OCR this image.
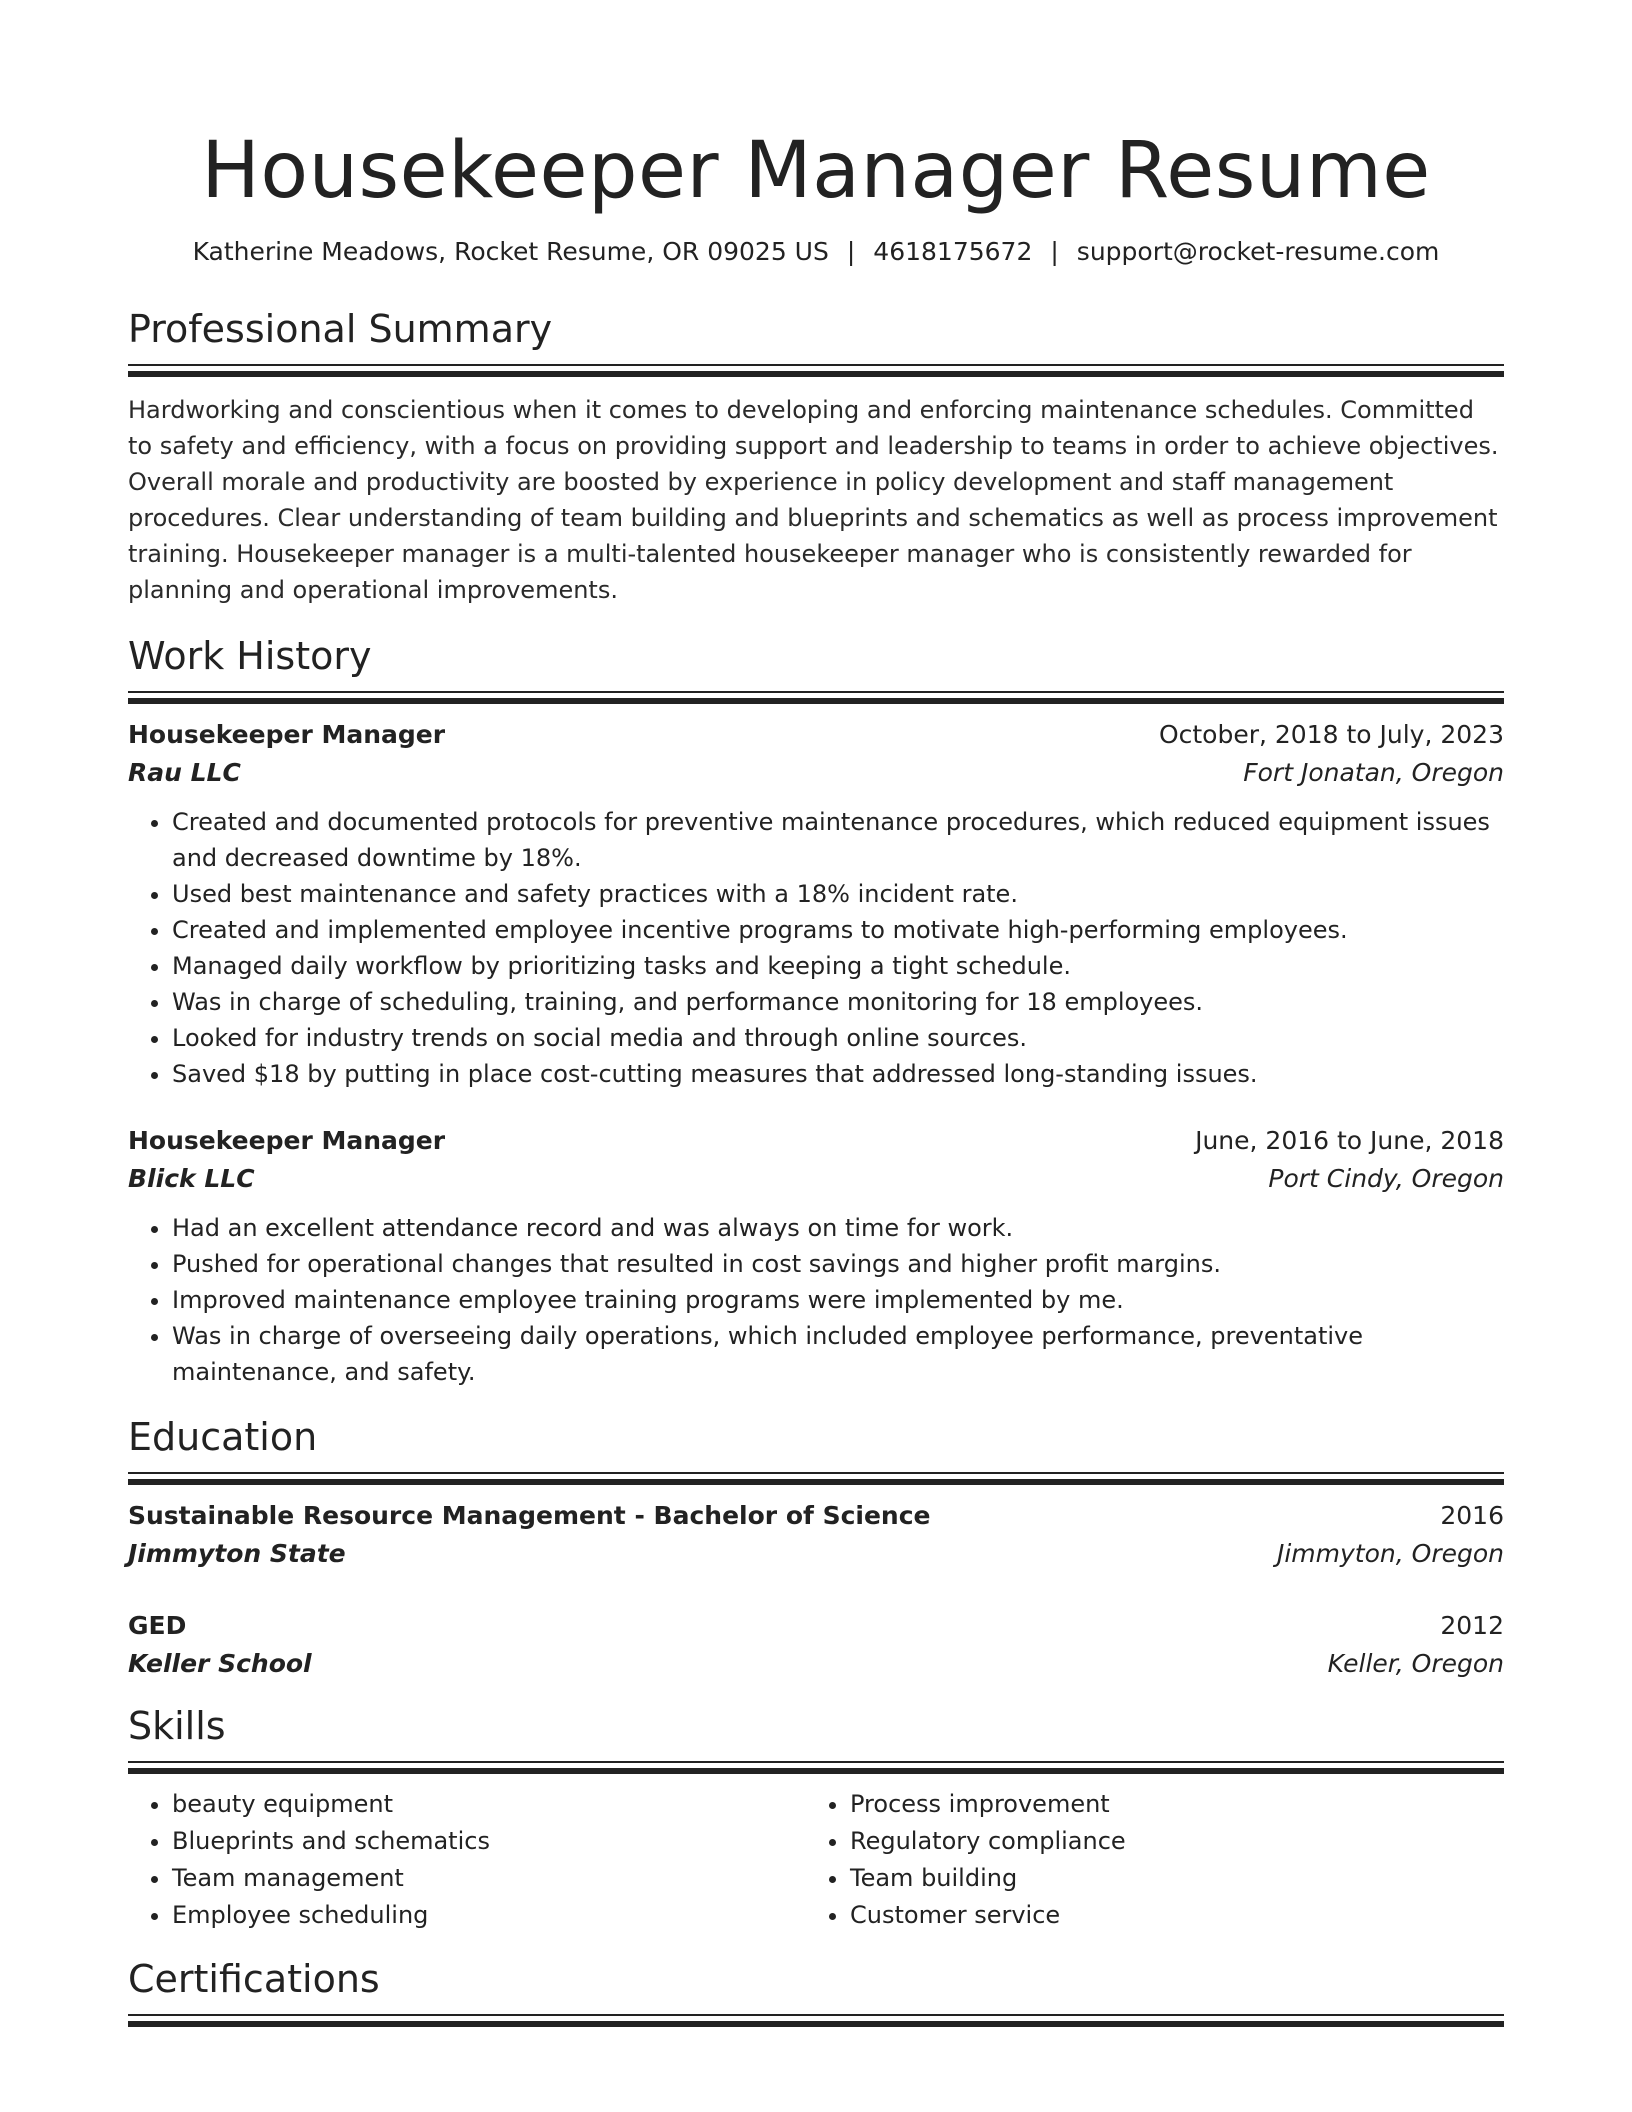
Housekeeper Manager Resume
Katherine Meadows, Rocket Resume, OR 09025 US | 4618175672 | support@rocket-resume.com
Professional Summary

Hardworking and conscientious when it comes to developing and enforcing maintenance schedules. Committed to safety and efficiency, with a focus on providing support and leadership to teams in order to achieve objectives. Overall morale and productivity are boosted by experience in policy development and staff management procedures. Clear understanding of team building and blueprints and schematics as well as process improvement training. Housekeeper manager is a multi-talented housekeeper manager who is consistently rewarded for planning and operational improvements.

Work History
Housekeeper Manager	October, 2018 to July, 2023
Rau LLC	Fort Jonatan, Oregon
• Created and documented protocols for preventive maintenance procedures, which reduced equipment issues and decreased downtime by 18%.
• Used best maintenance and safety practices with a 18% incident rate.
• Created and implemented employee incentive programs to motivate high-performing employees.
• Managed daily workflow by prioritizing tasks and keeping a tight schedule.
• Was in charge of scheduling, training, and performance monitoring for 18 employees.
• Looked for industry trends on social media and through online sources.
• Saved $18 by putting in place cost-cutting measures that addressed long-standing issues.
Housekeeper Manager	June, 2016 to June, 2018
Blick LLC	Port Cindy, Oregon
• Had an excellent attendance record and was always on time for work.
• Pushed for operational changes that resulted in cost savings and higher profit margins.
• Improved maintenance employee training programs were implemented by me.
• Was in charge of overseeing daily operations, which included employee performance, preventative maintenance, and safety.
Education
Sustainable Resource Management - Bachelor of Science	2016
Jimmyton State	Jimmyton, Oregon
GED	2012
Keller School	Keller, Oregon
Skills
• beauty equipment
• Blueprints and schematics
• Team management
• Employee scheduling
• Process improvement
• Regulatory compliance
• Team building
• Customer service
Certifications
